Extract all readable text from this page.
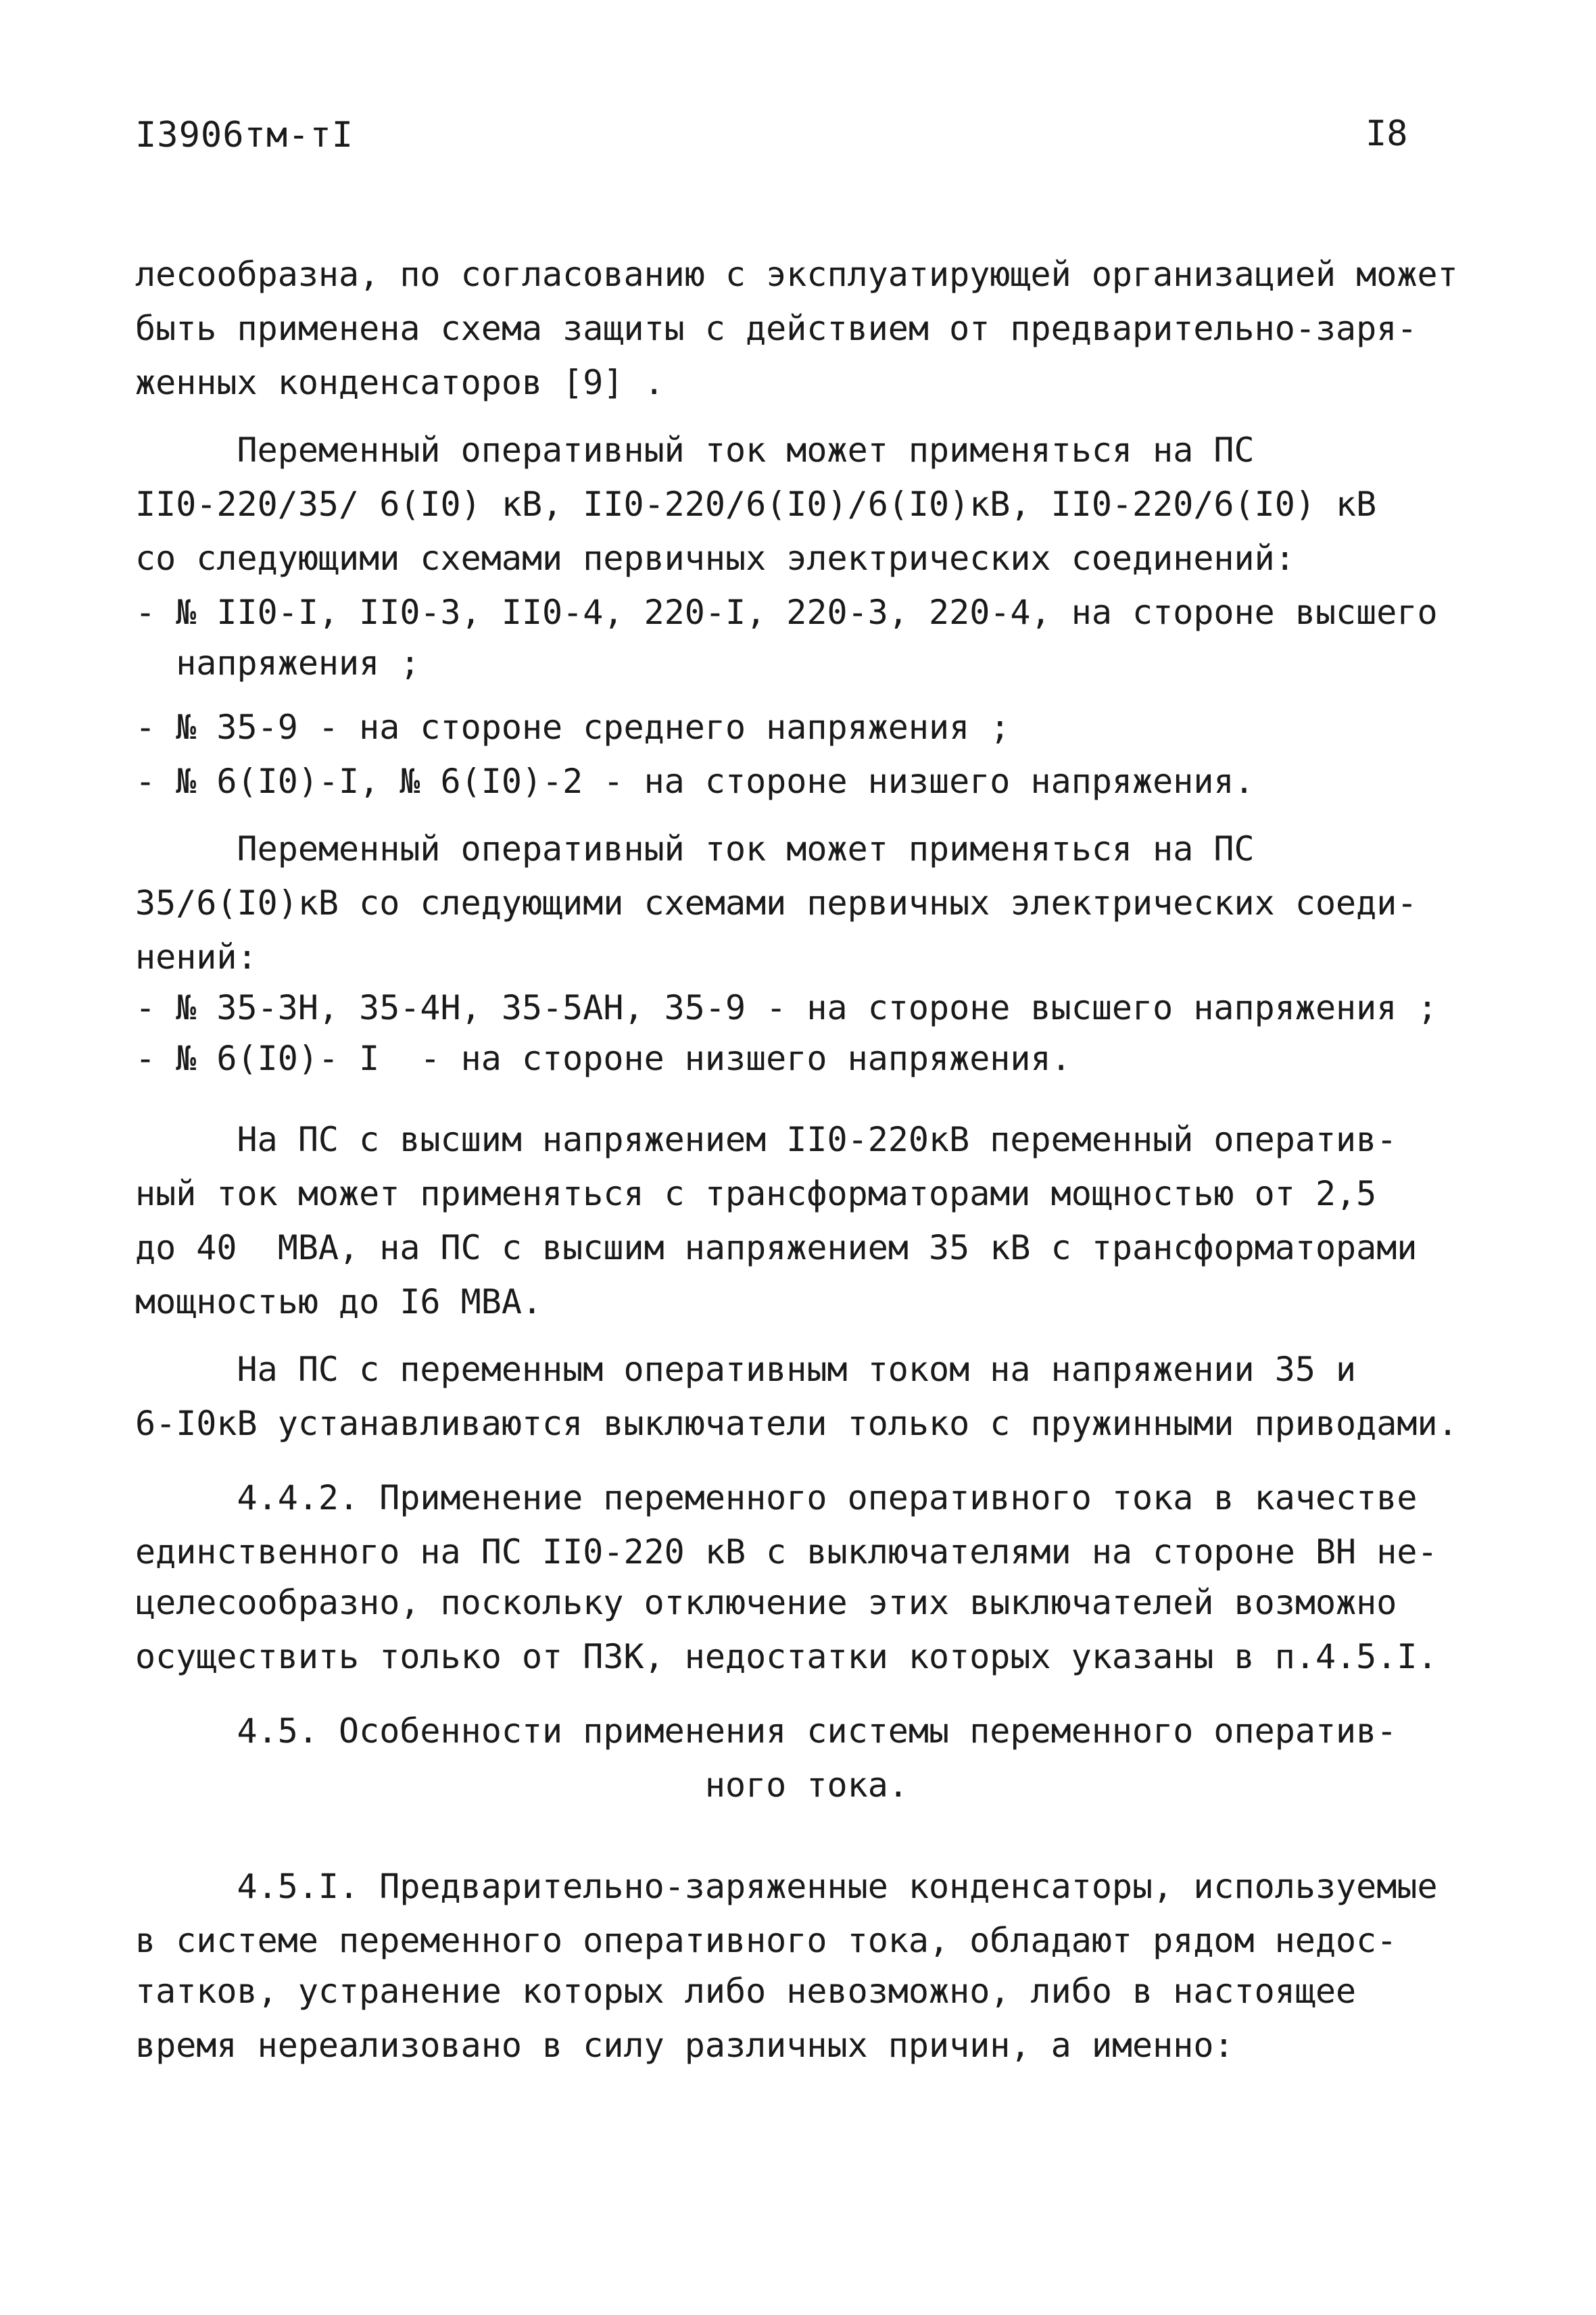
I3906тм-тI	I8
лесообразна, по согласованию с эксплуатирующей организацией может
быть применена схема защиты с действием от предварительно-заря-
женных конденсаторов [9] .
Переменный оперативный ток может применяться на ПС
II0-220/35/ 6(I0) кВ, II0-220/6(I0)/6(I0)кВ, II0-220/6(I0) кВ
со следующими схемами первичных электрических соединений:
- № II0-I, II0-3, II0-4, 220-I, 220-3, 220-4, на стороне высшего
напряжения ;
- № 35-9 - на стороне среднего напряжения ;
- № 6(I0)-I, № 6(I0)-2 - на стороне низшего напряжения.
Переменный оперативный ток может применяться на ПС
35/6(I0)кВ со следующими схемами первичных электрических соеди-
нений:
- № 35-3Н, 35-4Н, 35-5АН, 35-9 - на стороне высшего напряжения ;
- № 6(I0)- I  - на стороне низшего напряжения.
На ПС с высшим напряжением II0-220кВ переменный оператив-
ный ток может применяться с трансформаторами мощностью от 2,5
до 40  МВА, на ПС с высшим напряжением 35 кВ с трансформаторами
мощностью до I6 МВА.
На ПС с переменным оперативным током на напряжении 35 и
6-I0кВ устанавливаются выключатели только с пружинными приводами.
4.4.2. Применение переменного оперативного тока в качестве
единственного на ПС II0-220 кВ с выключателями на стороне ВН не-
целесообразно, поскольку отключение этих выключателей возможно
осуществить только от ПЗК, недостатки которых указаны в п.4.5.I.
4.5. Особенности применения системы переменного оператив-
ного тока.
4.5.I. Предварительно-заряженные конденсаторы, используемые
в системе переменного оперативного тока, обладают рядом недос-
татков, устранение которых либо невозможно, либо в настоящее
время нереализовано в силу различных причин, а именно:
